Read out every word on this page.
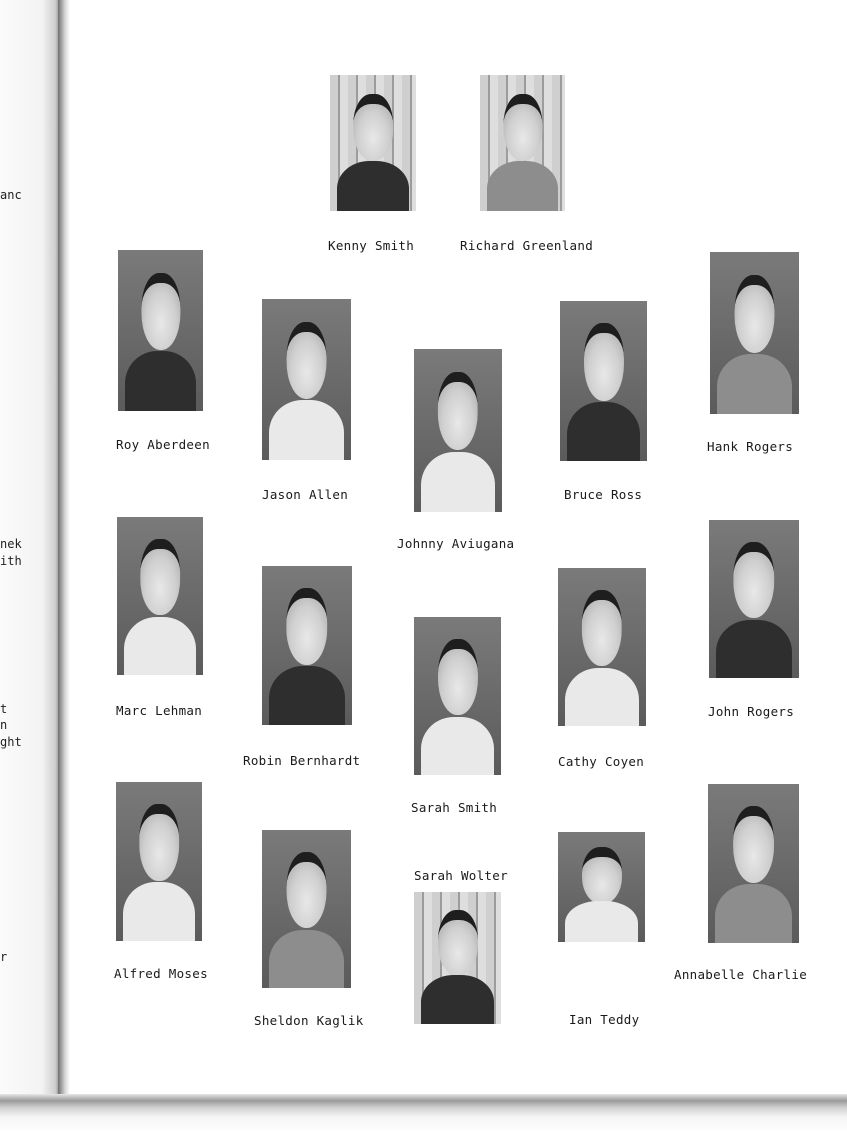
anc
nek
ith
t
n
ght
r
Kenny Smith	Richard Greenland
Roy Aberdeen	Hank Rogers
Jason Allen	Bruce Ross
Johnny Aviugana
Marc Lehman	John Rogers
Robin Bernhardt	Cathy Coyen
Sarah Smith
Alfred Moses	Annabelle Charlie
Sarah Wolter
Sheldon Kaglik	Ian Teddy
